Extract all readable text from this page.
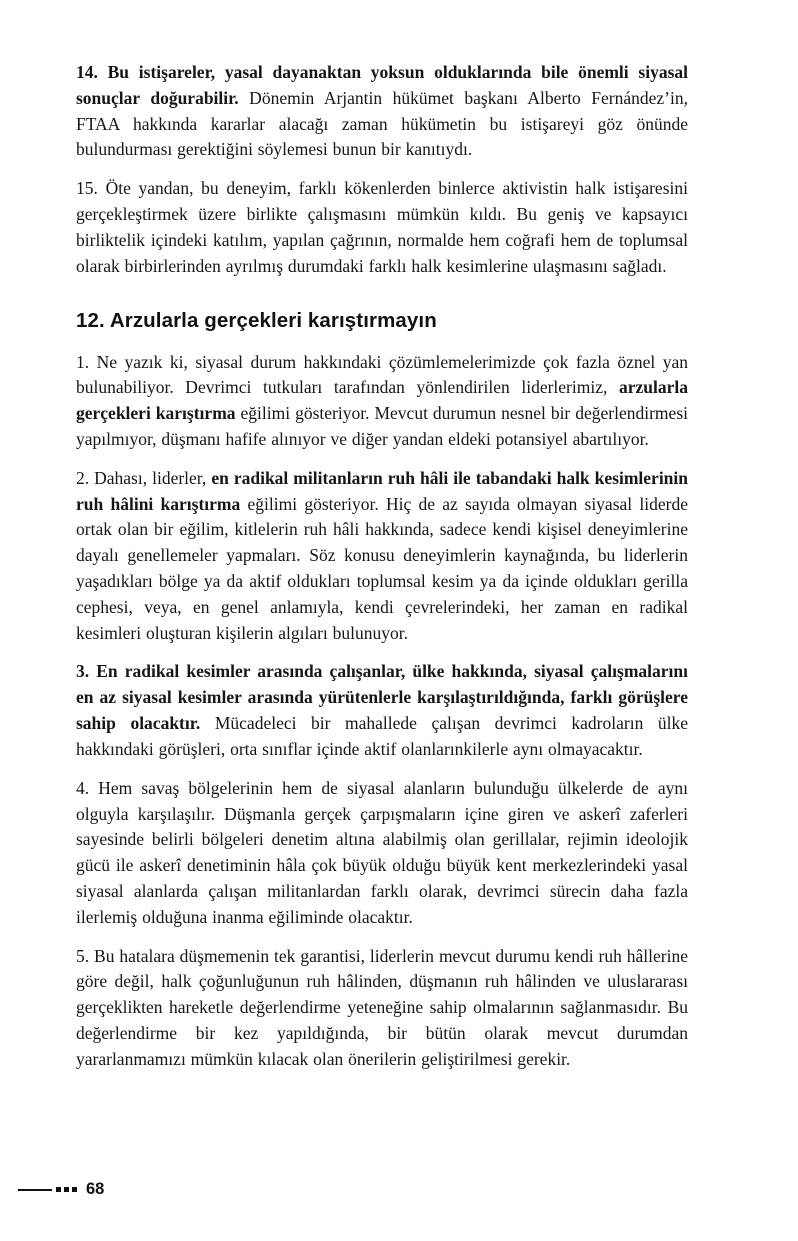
14. Bu istişareler, yasal dayanaktan yoksun olduklarında bile önemli siyasal sonuçlar doğurabilir. Dönemin Arjantin hükümet başkanı Alberto Fernández’in, FTAA hakkında kararlar alacağı zaman hükümetin bu istişareyi göz önünde bulundurması gerektiğini söylemesi bunun bir kanıtıydı.

15. Öte yandan, bu deneyim, farklı kökenlerden binlerce aktivistin halk istişaresini gerçekleştirmek üzere birlikte çalışmasını mümkün kıldı. Bu geniş ve kapsayıcı birliktelik içindeki katılım, yapılan çağrının, normalde hem coğrafi hem de toplumsal olarak birbirlerinden ayrılmış durumdaki farklı halk kesimlerine ulaşmasını sağladı.

12. Arzularla gerçekleri karıştırmayın

1. Ne yazık ki, siyasal durum hakkındaki çözümlemelerimizde çok fazla öznel yan bulunabiliyor. Devrimci tutkuları tarafından yönlendirilen liderlerimiz, arzularla gerçekleri karıştırma eğilimi gösteriyor. Mevcut durumun nesnel bir değerlendirmesi yapılmıyor, düşmanı hafife alınıyor ve diğer yandan eldeki potansiyel abartılıyor.

2. Dahası, liderler, en radikal militanların ruh hâli ile tabandaki halk kesimlerinin ruh hâlini karıştırma eğilimi gösteriyor. Hiç de az sayıda olmayan siyasal liderde ortak olan bir eğilim, kitlelerin ruh hâli hakkında, sadece kendi kişisel deneyimlerine dayalı genellemeler yapmaları. Söz konusu deneyimlerin kaynağında, bu liderlerin yaşadıkları bölge ya da aktif oldukları toplumsal kesim ya da içinde oldukları gerilla cephesi, veya, en genel anlamıyla, kendi çevrelerindeki, her zaman en radikal kesimleri oluşturan kişilerin algıları bulunuyor.

3. En radikal kesimler arasında çalışanlar, ülke hakkında, siyasal çalışmalarını en az siyasal kesimler arasında yürütenlerle karşılaştırıldığında, farklı görüşlere sahip olacaktır. Mücadeleci bir mahallede çalışan devrimci kadroların ülke hakkındaki görüşleri, orta sınıflar içinde aktif olanlarınkilerle aynı olmayacaktır.

4. Hem savaş bölgelerinin hem de siyasal alanların bulunduğu ülkelerde de aynı olguyla karşılaşılır. Düşmanla gerçek çarpışmaların içine giren ve askerî zaferleri sayesinde belirli bölgeleri denetim altına alabilmiş olan gerillalar, rejimin ideolojik gücü ile askerî denetiminin hâla çok büyük olduğu büyük kent merkezlerindeki yasal siyasal alanlarda çalışan militanlardan farklı olarak, devrimci sürecin daha fazla ilerlemiş olduğuna inanma eğiliminde olacaktır.

5. Bu hatalara düşmemenin tek garantisi, liderlerin mevcut durumu kendi ruh hâllerine göre değil, halk çoğunluğunun ruh hâlinden, düşmanın ruh hâlinden ve uluslararası gerçeklikten hareketle değerlendirme yeteneğine sahip olmalarının sağlanmasıdır. Bu değerlendirme bir kez yapıldığında, bir bütün olarak mevcut durumdan yararlanmamızı mümkün kılacak olan önerilerin geliştirilmesi gerekir.

68
